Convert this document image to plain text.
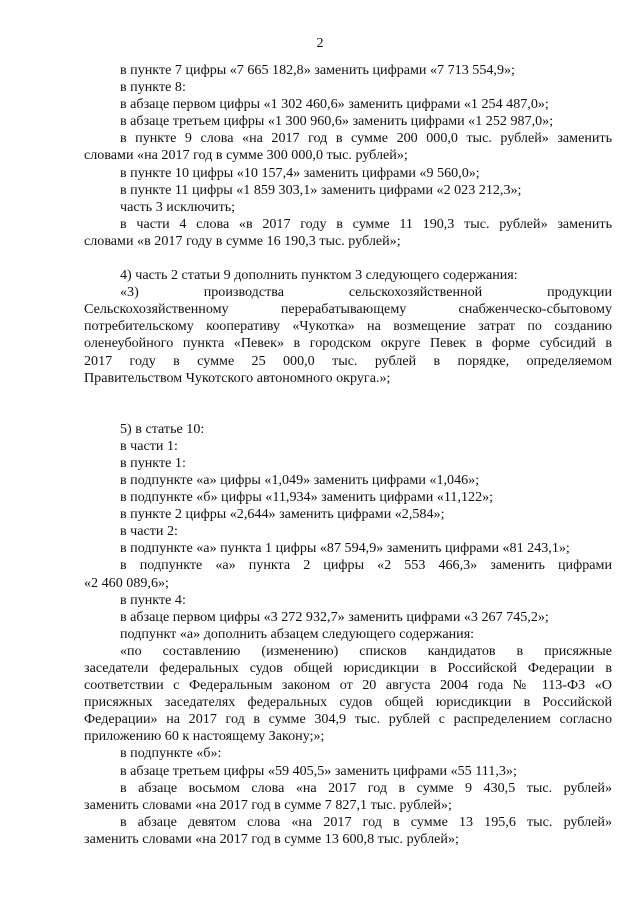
2
в пункте 7 цифры «7 665 182,8» заменить цифрами «7 713 554,9»;
в пункте 8:
в абзаце первом цифры «1 302 460,6» заменить цифрами «1 254 487,0»;
в абзаце третьем цифры «1 300 960,6» заменить цифрами «1 252 987,0»;
в пункте 9 слова «на 2017 год в сумме 200 000,0 тыс. рублей» заменить
словами «на 2017 год в сумме 300 000,0 тыс. рублей»;
в пункте 10 цифры «10 157,4» заменить цифрами «9 560,0»;
в пункте 11 цифры «1 859 303,1» заменить цифрами «2 023 212,3»;
часть 3 исключить;
в части 4 слова «в 2017 году в сумме 11 190,3 тыс. рублей» заменить
словами «в 2017 году в сумме 16 190,3 тыс. рублей»;
4) часть 2 статьи 9 дополнить пунктом 3 следующего содержания:
«3) производства сельскохозяйственной продукции
Сельскохозяйственному перерабатывающему снабженческо-сбытовому
потребительскому кооперативу «Чукотка» на возмещение затрат по созданию
оленеубойного пункта «Певек» в городском округе Певек в форме субсидий в
2017 году в сумме 25 000,0 тыс. рублей в порядке, определяемом
Правительством Чукотского автономного округа.»;
5) в статье 10:
в части 1:
в пункте 1:
в подпункте «а» цифры «1,049» заменить цифрами «1,046»;
в подпункте «б» цифры «11,934» заменить цифрами «11,122»;
в пункте 2 цифры «2,644» заменить цифрами «2,584»;
в части 2:
в подпункте «а» пункта 1 цифры «87 594,9» заменить цифрами «81 243,1»;
в подпункте «а» пункта 2 цифры «2 553 466,3» заменить цифрами
«2 460 089,6»;
в пункте 4:
в абзаце первом цифры «3 272 932,7» заменить цифрами «3 267 745,2»;
подпункт «а» дополнить абзацем следующего содержания:
«по составлению (изменению) списков кандидатов в присяжные
заседатели федеральных судов общей юрисдикции в Российской Федерации в
соответствии с Федеральным законом от 20 августа 2004 года № 113-ФЗ «О
присяжных заседателях федеральных судов общей юрисдикции в Российской
Федерации» на 2017 год в сумме 304,9 тыс. рублей с распределением согласно
приложению 60 к настоящему Закону;»;
в подпункте «б»:
в абзаце третьем цифры «59 405,5» заменить цифрами «55 111,3»;
в абзаце восьмом слова «на 2017 год в сумме 9 430,5 тыс. рублей»
заменить словами «на 2017 год в сумме 7 827,1 тыс. рублей»;
в абзаце девятом слова «на 2017 год в сумме 13 195,6 тыс. рублей»
заменить словами «на 2017 год в сумме 13 600,8 тыс. рублей»;
